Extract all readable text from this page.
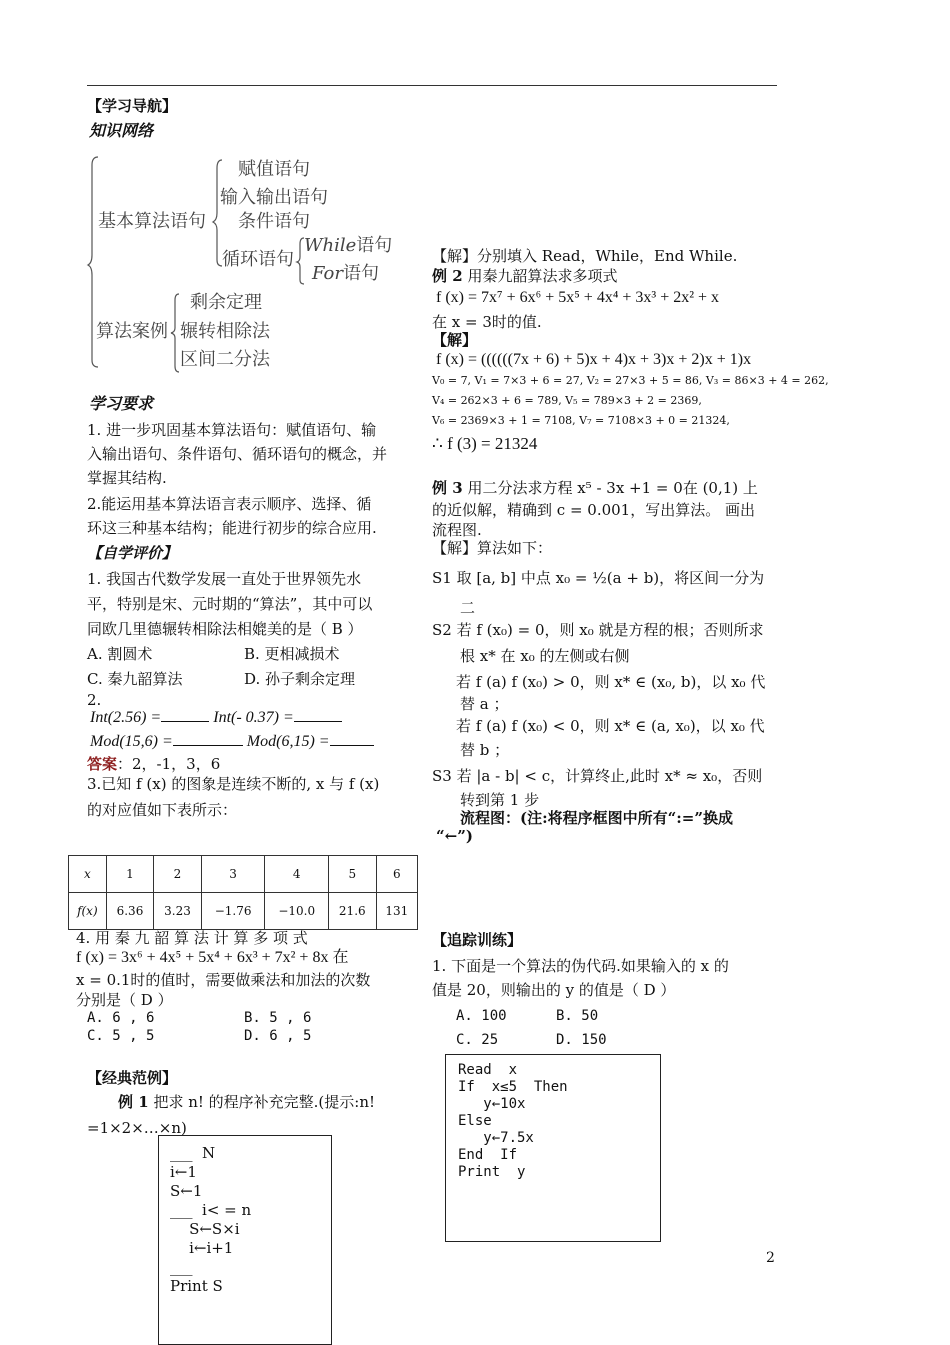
【学习导航】
知识网络
基本算法语句
赋值语句
输入输出语句
条件语句
循环语句
While语句
For语句
算法案例
剩余定理
辗转相除法
区间二分法
学习要求
1. 进一步巩固基本算法语句：赋值语句、输
入输出语句、条件语句、循环语句的概念，并
掌握其结构.
2.能运用基本算法语言表示顺序、选择、循
环这三种基本结构；能进行初步的综合应用.
【自学评价】
1. 我国古代数学发展一直处于世界领先水
平，特别是宋、元时期的“算法”，其中可以
同欧几里德辗转相除法相媲美的是（ B ）
A. 割圆术	B. 更相减损术
C. 秦九韶算法	D. 孙子剩余定理
2.
Int(2.56) =	Int(- 0.37) =
Mod(15,6) =	Mod(6,15) =
答案：2，-1，3，6
3.已知 f (x) 的图象是连续不断的, x 与 f (x)
的对应值如下表所示：
x	1	2	3	4	5	6
f(x)	6.36	3.23	−1.76	−10.0	21.6	131
4. 用 秦 九 韶 算 法 计 算 多 项 式
f (x) = 3x⁶ + 4x⁵ + 5x⁴ + 6x³ + 7x² + 8x 在
x = 0.1时的值时，需要做乘法和加法的次数
分别是（ D ）
A. 6 , 6	B. 5 , 6
C. 5 , 5	D. 6 , 5
【经典范例】
例 1 把求 n! 的程序补充完整.(提示:n!
=1×2×…×n)
___  N
i←1
S←1
___  i< = n
S←S×i
i←i+1
___
Print S
【解】分别填入 Read，While，End While.
例 2 用秦九韶算法求多项式
f (x) = 7x⁷ + 6x⁶ + 5x⁵ + 4x⁴ + 3x³ + 2x² + x
在 x = 3时的值.
【解】
f (x) = ((((((7x + 6) + 5)x + 4)x + 3)x + 2)x + 1)x
V₀ = 7, V₁ = 7×3 + 6 = 27, V₂ = 27×3 + 5 = 86, V₃ = 86×3 + 4 = 262,
V₄ = 262×3 + 6 = 789, V₅ = 789×3 + 2 = 2369,
V₆ = 2369×3 + 1 = 7108, V₇ = 7108×3 + 0 = 21324,
∴ f (3) = 21324
例 3 用二分法求方程 x⁵ - 3x +1 = 0在 (0,1) 上
的近似解，精确到 c = 0.001，写出算法。 画出
流程图.
【解】算法如下：
S1 取 [a, b] 中点 x₀ = ½(a + b)，将区间一分为
二
S2 若 f (x₀) = 0，则 x₀ 就是方程的根；否则所求
根 x* 在 x₀ 的左侧或右侧
若 f (a) f (x₀) > 0，则 x* ∈ (x₀, b)，以 x₀ 代
替 a ；
若 f (a) f (x₀) < 0，则 x* ∈ (a, x₀)，以 x₀ 代
替 b ；
S3 若 |a - b| < c，计算终止,此时 x* ≈ x₀，否则
转到第 1 步
流程图：(注:将程序框图中所有“:=”换成
“←”)
【追踪训练】
1. 下面是一个算法的伪代码.如果输入的 x 的
值是 20，则输出的 y 的值是（ D ）
A. 100	B. 50
C. 25	D. 150
Read  x
If  x≤5  Then
y←10x
Else
y←7.5x
End  If
Print  y
2
